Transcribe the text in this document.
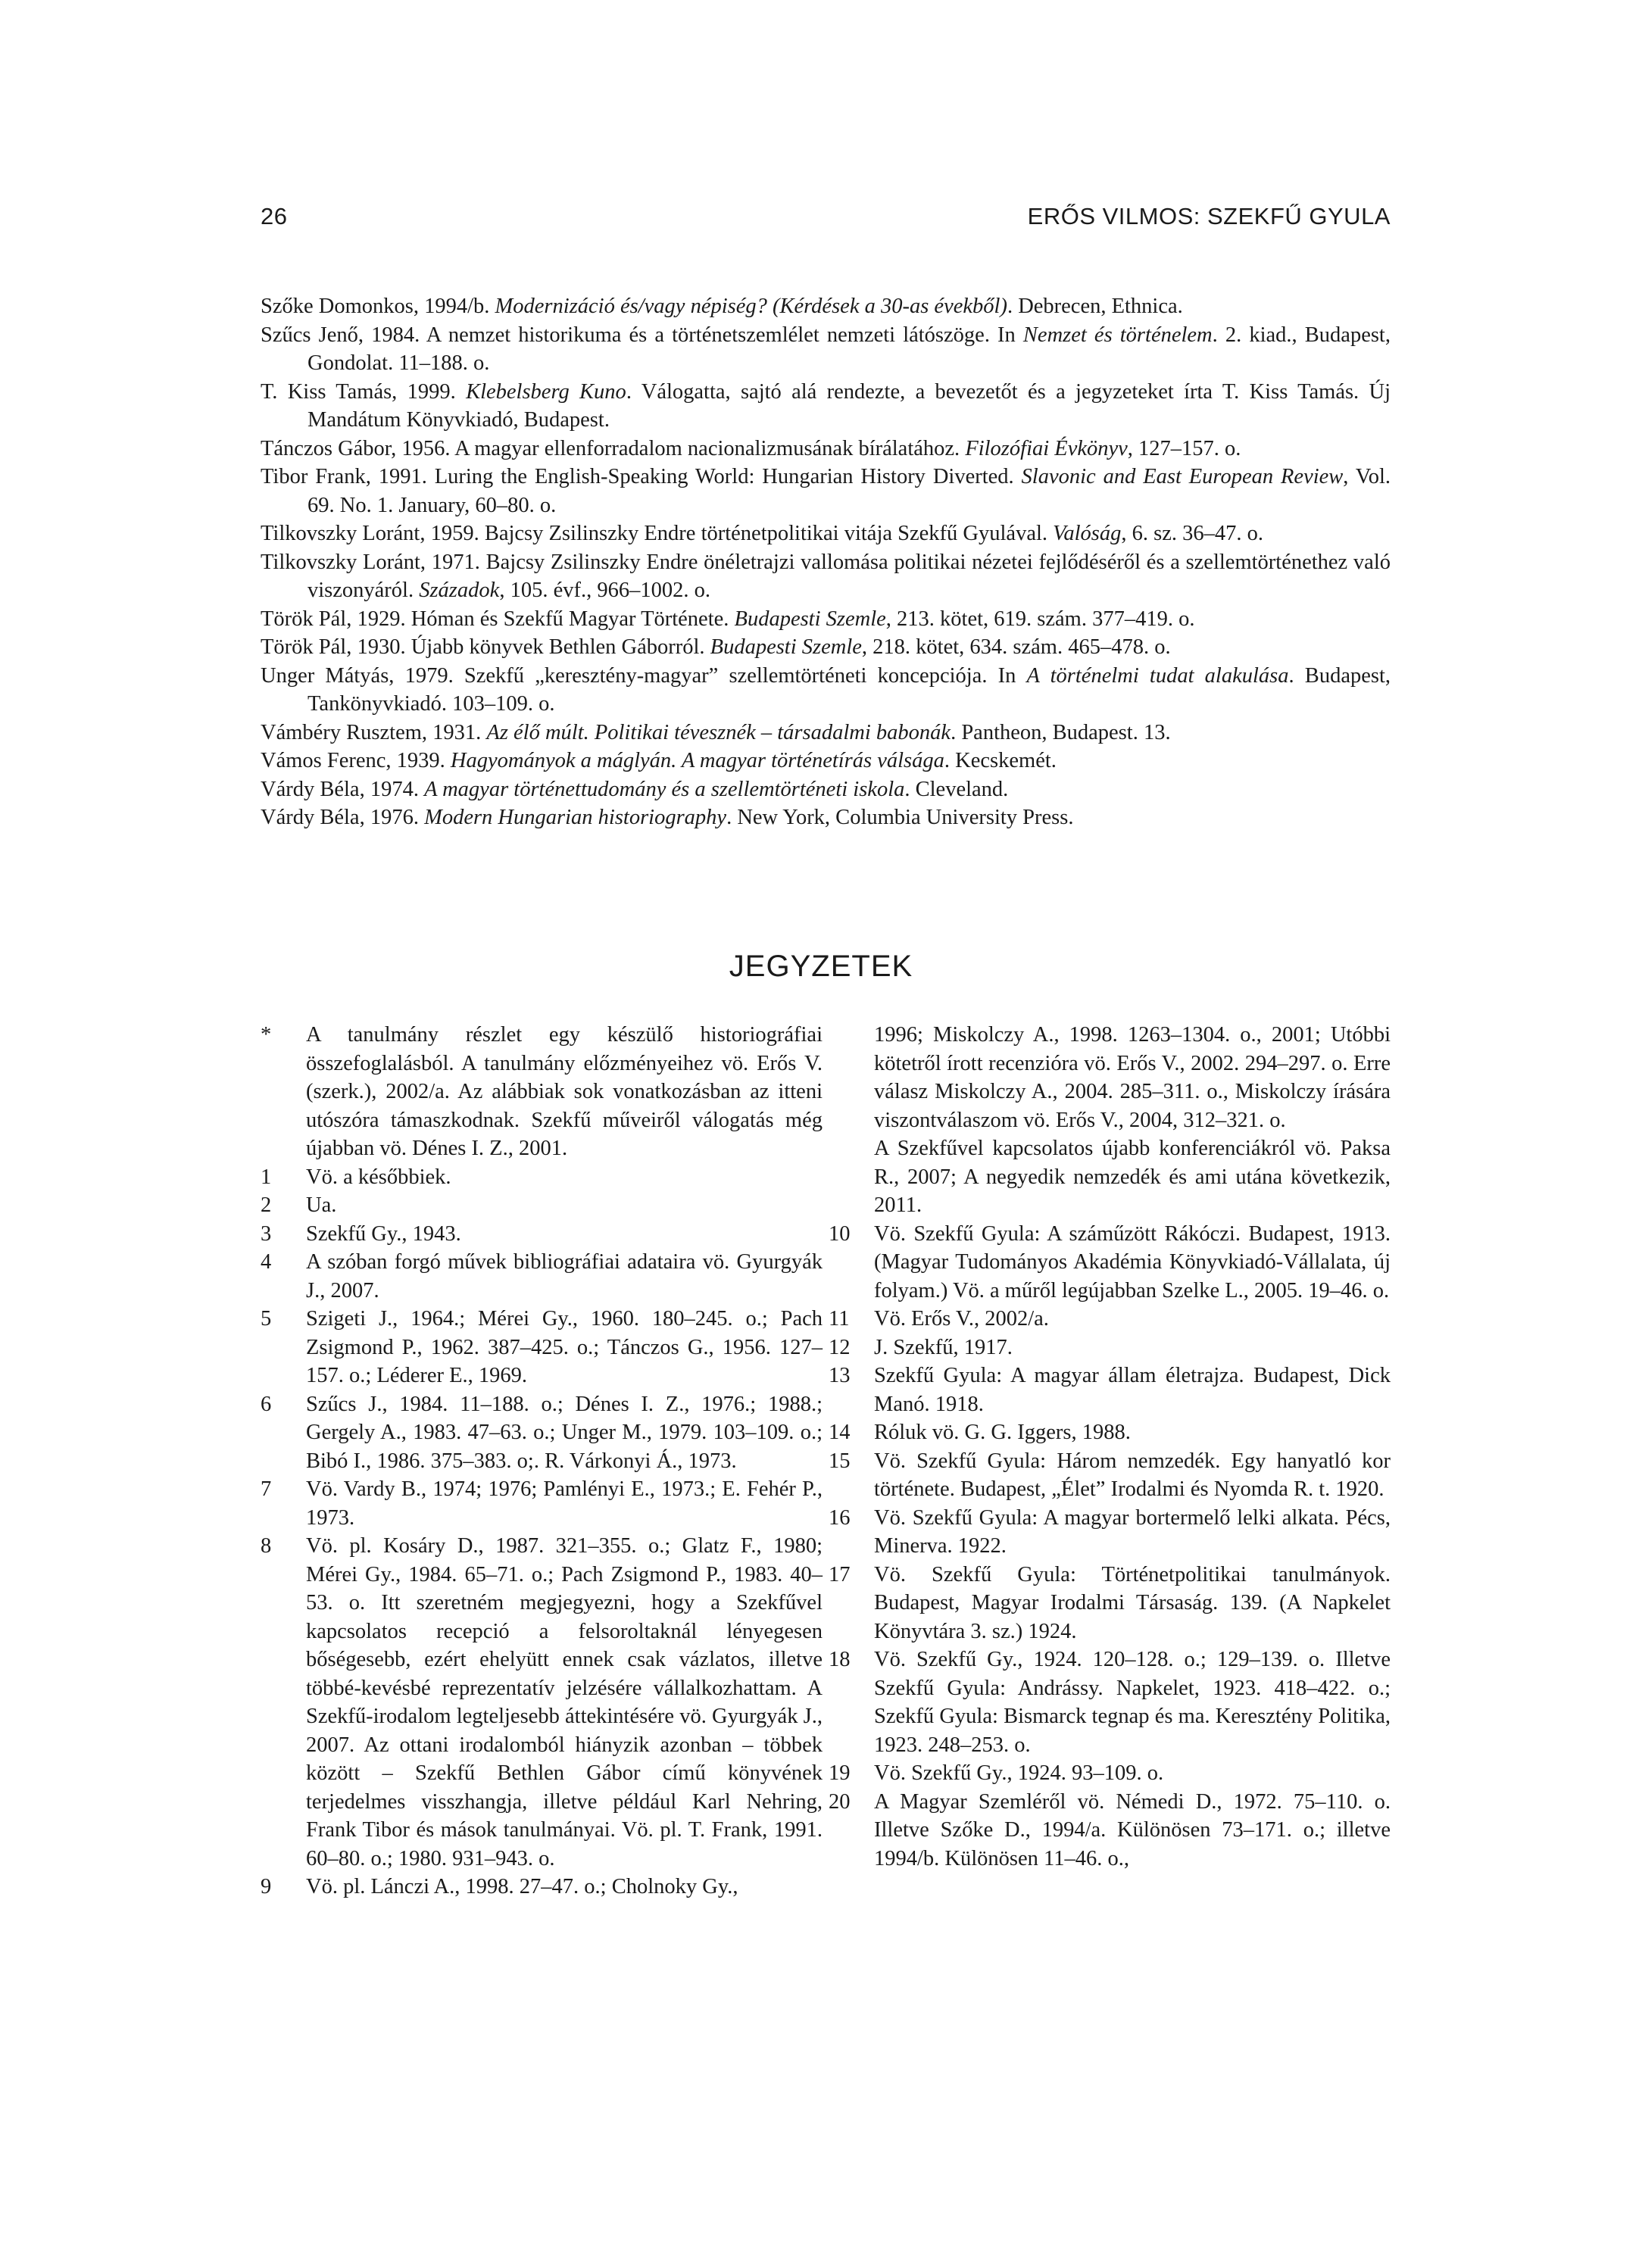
26	ERŐS VILMOS: SZEKFŰ GYULA

Szőke Domonkos, 1994/b. Modernizáció és/vagy népiség? (Kérdések a 30-as évekből). Debrecen, Ethnica.

Szűcs Jenő, 1984. A nemzet historikuma és a történetszemlélet nemzeti látószöge. In Nemzet és történelem. 2. kiad., Budapest, Gondolat. 11–188. o.

T. Kiss Tamás, 1999. Klebelsberg Kuno. Válogatta, sajtó alá rendezte, a bevezetőt és a jegyzeteket írta T. Kiss Tamás. Új Mandátum Könyvkiadó, Budapest.

Tánczos Gábor, 1956. A magyar ellenforradalom nacionalizmusának bírálatához. Filozófiai Évkönyv, 127–157. o.

Tibor Frank, 1991. Luring the English-Speaking World: Hungarian History Diverted. Slavonic and East European Review, Vol. 69. No. 1. January, 60–80. o.

Tilkovszky Loránt, 1959. Bajcsy Zsilinszky Endre történetpolitikai vitája Szekfű Gyulával. Valóság, 6. sz. 36–47. o.

Tilkovszky Loránt, 1971. Bajcsy Zsilinszky Endre önéletrajzi vallomása politikai nézetei fejlődéséről és a szellemtörténethez való viszonyáról. Századok, 105. évf., 966–1002. o.

Török Pál, 1929. Hóman és Szekfű Magyar Története. Budapesti Szemle, 213. kötet, 619. szám. 377–419. o.

Török Pál, 1930. Újabb könyvek Bethlen Gáborról. Budapesti Szemle, 218. kötet, 634. szám. 465–478. o.

Unger Mátyás, 1979. Szekfű „keresztény-magyar” szellemtörténeti koncepciója. In A történelmi tudat alakulása. Budapest, Tankönyvkiadó. 103–109. o.

Vámbéry Rusztem, 1931. Az élő múlt. Politikai tévesznék – társadalmi babonák. Pantheon, Budapest. 13.

Vámos Ferenc, 1939. Hagyományok a máglyán. A magyar történetírás válsága. Kecskemét.

Várdy Béla, 1974. A magyar történettudomány és a szellemtörténeti iskola. Cleveland.

Várdy Béla, 1976. Modern Hungarian historiography. New York, Columbia University Press.

JEGYZETEK
*	A tanulmány részlet egy készülő historiográfiai összefoglalásból. A tanulmány előzményeihez vö. Erős V. (szerk.), 2002/a. Az alábbiak sok vonatkozásban az itteni utószóra támaszkodnak. Szekfű műveiről válogatás még újabban vö. Dénes I. Z., 2001.
1	Vö. a későbbiek.
2	Ua.
3	Szekfű Gy., 1943.
4	A szóban forgó művek bibliográfiai adataira vö. Gyurgyák J., 2007.
5	Szigeti J., 1964.; Mérei Gy., 1960. 180–245. o.; Pach Zsigmond P., 1962. 387–425. o.; Tánczos G., 1956. 127–157. o.; Léderer E., 1969.
6	Szűcs J., 1984. 11–188. o.; Dénes I. Z., 1976.; 1988.; Gergely A., 1983. 47–63. o.; Unger M., 1979. 103–109. o.; Bibó I., 1986. 375–383. o;. R. Várkonyi Á., 1973.
7	Vö. Vardy B., 1974; 1976; Pamlényi E., 1973.; E. Fehér P., 1973.
8	Vö. pl. Kosáry D., 1987. 321–355. o.; Glatz F., 1980; Mérei Gy., 1984. 65–71. o.; Pach Zsigmond P., 1983. 40–53. o. Itt szeretném megjegyezni, hogy a Szekfűvel kapcsolatos recepció a felsoroltaknál lényegesen bőségesebb, ezért ehelyütt ennek csak vázlatos, illetve többé-kevésbé reprezentatív jelzésére vállalkozhattam. A Szekfű-irodalom legteljesebb áttekintésére vö. Gyurgyák J., 2007. Az ottani irodalomból hiányzik azonban – többek között – Szekfű Bethlen Gábor című könyvének terjedelmes visszhangja, illetve például Karl Nehring, Frank Tibor és mások tanulmányai. Vö. pl. T. Frank, 1991. 60–80. o.; 1980. 931–943. o.
9	Vö. pl. Lánczi A., 1998. 27–47. o.; Cholnoky Gy.,

1996; Miskolczy A., 1998. 1263–1304. o., 2001; Utóbbi kötetről írott recenzióra vö. Erős V., 2002. 294–297. o. Erre válasz Miskolczy A., 2004. 285–311. o., Miskolczy írására viszontválaszom vö. Erős V., 2004, 312–321. o.

A Szekfűvel kapcsolatos újabb konferenciákról vö. Paksa R., 2007; A negyedik nemzedék és ami utána következik, 2011.

10	Vö. Szekfű Gyula: A száműzött Rákóczi. Budapest, 1913. (Magyar Tudományos Akadémia Könyvkiadó-Vállalata, új folyam.) Vö. a műről legújabban Szelke L., 2005. 19–46. o.
11	Vö. Erős V., 2002/a.
12	J. Szekfű, 1917.
13	Szekfű Gyula: A magyar állam életrajza. Budapest, Dick Manó. 1918.
14	Róluk vö. G. G. Iggers, 1988.
15	Vö. Szekfű Gyula: Három nemzedék. Egy hanyatló kor története. Budapest, „Élet” Irodalmi és Nyomda R. t. 1920.
16	Vö. Szekfű Gyula: A magyar bortermelő lelki alkata. Pécs, Minerva. 1922.
17	Vö. Szekfű Gyula: Történetpolitikai tanulmányok. Budapest, Magyar Irodalmi Társaság. 139. (A Napkelet Könyvtára 3. sz.) 1924.
18	Vö. Szekfű Gy., 1924. 120–128. o.; 129–139. o. Illetve Szekfű Gyula: Andrássy. Napkelet, 1923. 418–422. o.; Szekfű Gyula: Bismarck tegnap és ma. Keresztény Politika, 1923. 248–253. o.
19	Vö. Szekfű Gy., 1924. 93–109. o.
20	A Magyar Szemléről vö. Némedi D., 1972. 75–110. o. Illetve Szőke D., 1994/a. Különösen 73–171. o.; illetve 1994/b. Különösen 11–46. o.,
